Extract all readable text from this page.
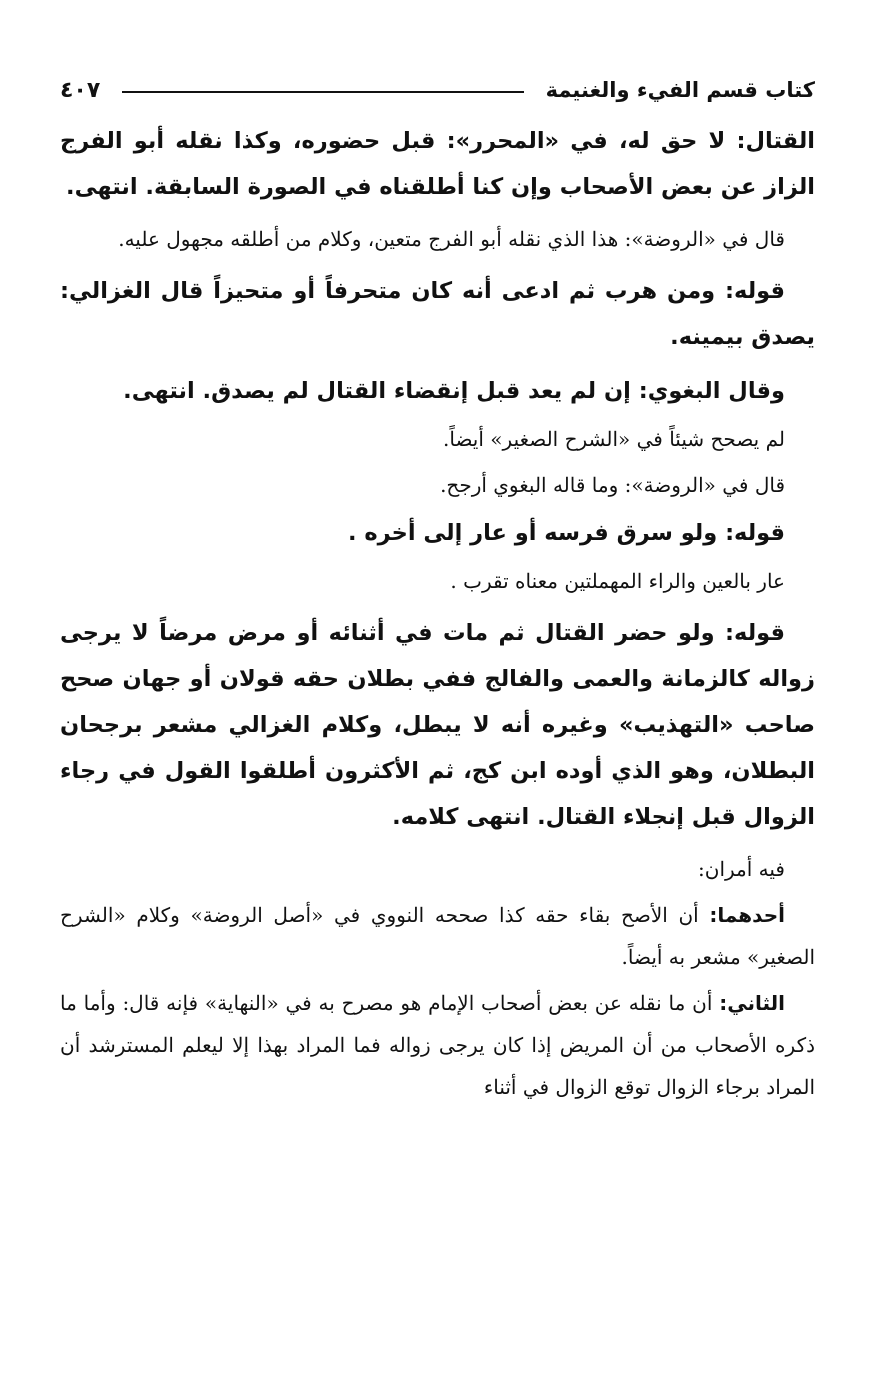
كتاب قسم الفيء والغنيمة
٤٠٧

القتال: لا حق له، في «المحرر»: قبل حضوره، وكذا نقله أبو الفرج الزاز عن بعض الأصحاب وإن كنا أطلقناه في الصورة السابقة. انتهى.

قال في «الروضة»: هذا الذي نقله أبو الفرج متعين، وكلام من أطلقه مجهول عليه.

قوله: ومن هرب ثم ادعى أنه كان متحرفاً أو متحيزاً قال الغزالي: يصدق بيمينه.

وقال البغوي: إن لم يعد قبل إنقضاء القتال لم يصدق. انتهى.

لم يصحح شيئاً في «الشرح الصغير» أيضاً.

قال في «الروضة»: وما قاله البغوي أرجح.

قوله: ولو سرق فرسه أو عار إلى أخره .

عار بالعين والراء المهملتين معناه تقرب .

قوله: ولو حضر القتال ثم مات في أثنائه أو مرض مرضاً لا يرجى زواله كالزمانة والعمى والفالج ففي بطلان حقه قولان أو جهان صحح صاحب «التهذيب» وغيره أنه لا يبطل، وكلام الغزالي مشعر برجحان البطلان، وهو الذي أوده ابن كج، ثم الأكثرون أطلقوا القول في رجاء الزوال قبل إنجلاء القتال. انتهى كلامه.

فيه أمران:

أحدهما: أن الأصح بقاء حقه كذا صححه النووي في «أصل الروضة» وكلام «الشرح الصغير» مشعر به أيضاً.

الثاني: أن ما نقله عن بعض أصحاب الإمام هو مصرح به في «النهاية» فإنه قال: وأما ما ذكره الأصحاب من أن المريض إذا كان يرجى زواله فما المراد بهذا إلا ليعلم المسترشد أن المراد برجاء الزوال توقع الزوال في أثناء
